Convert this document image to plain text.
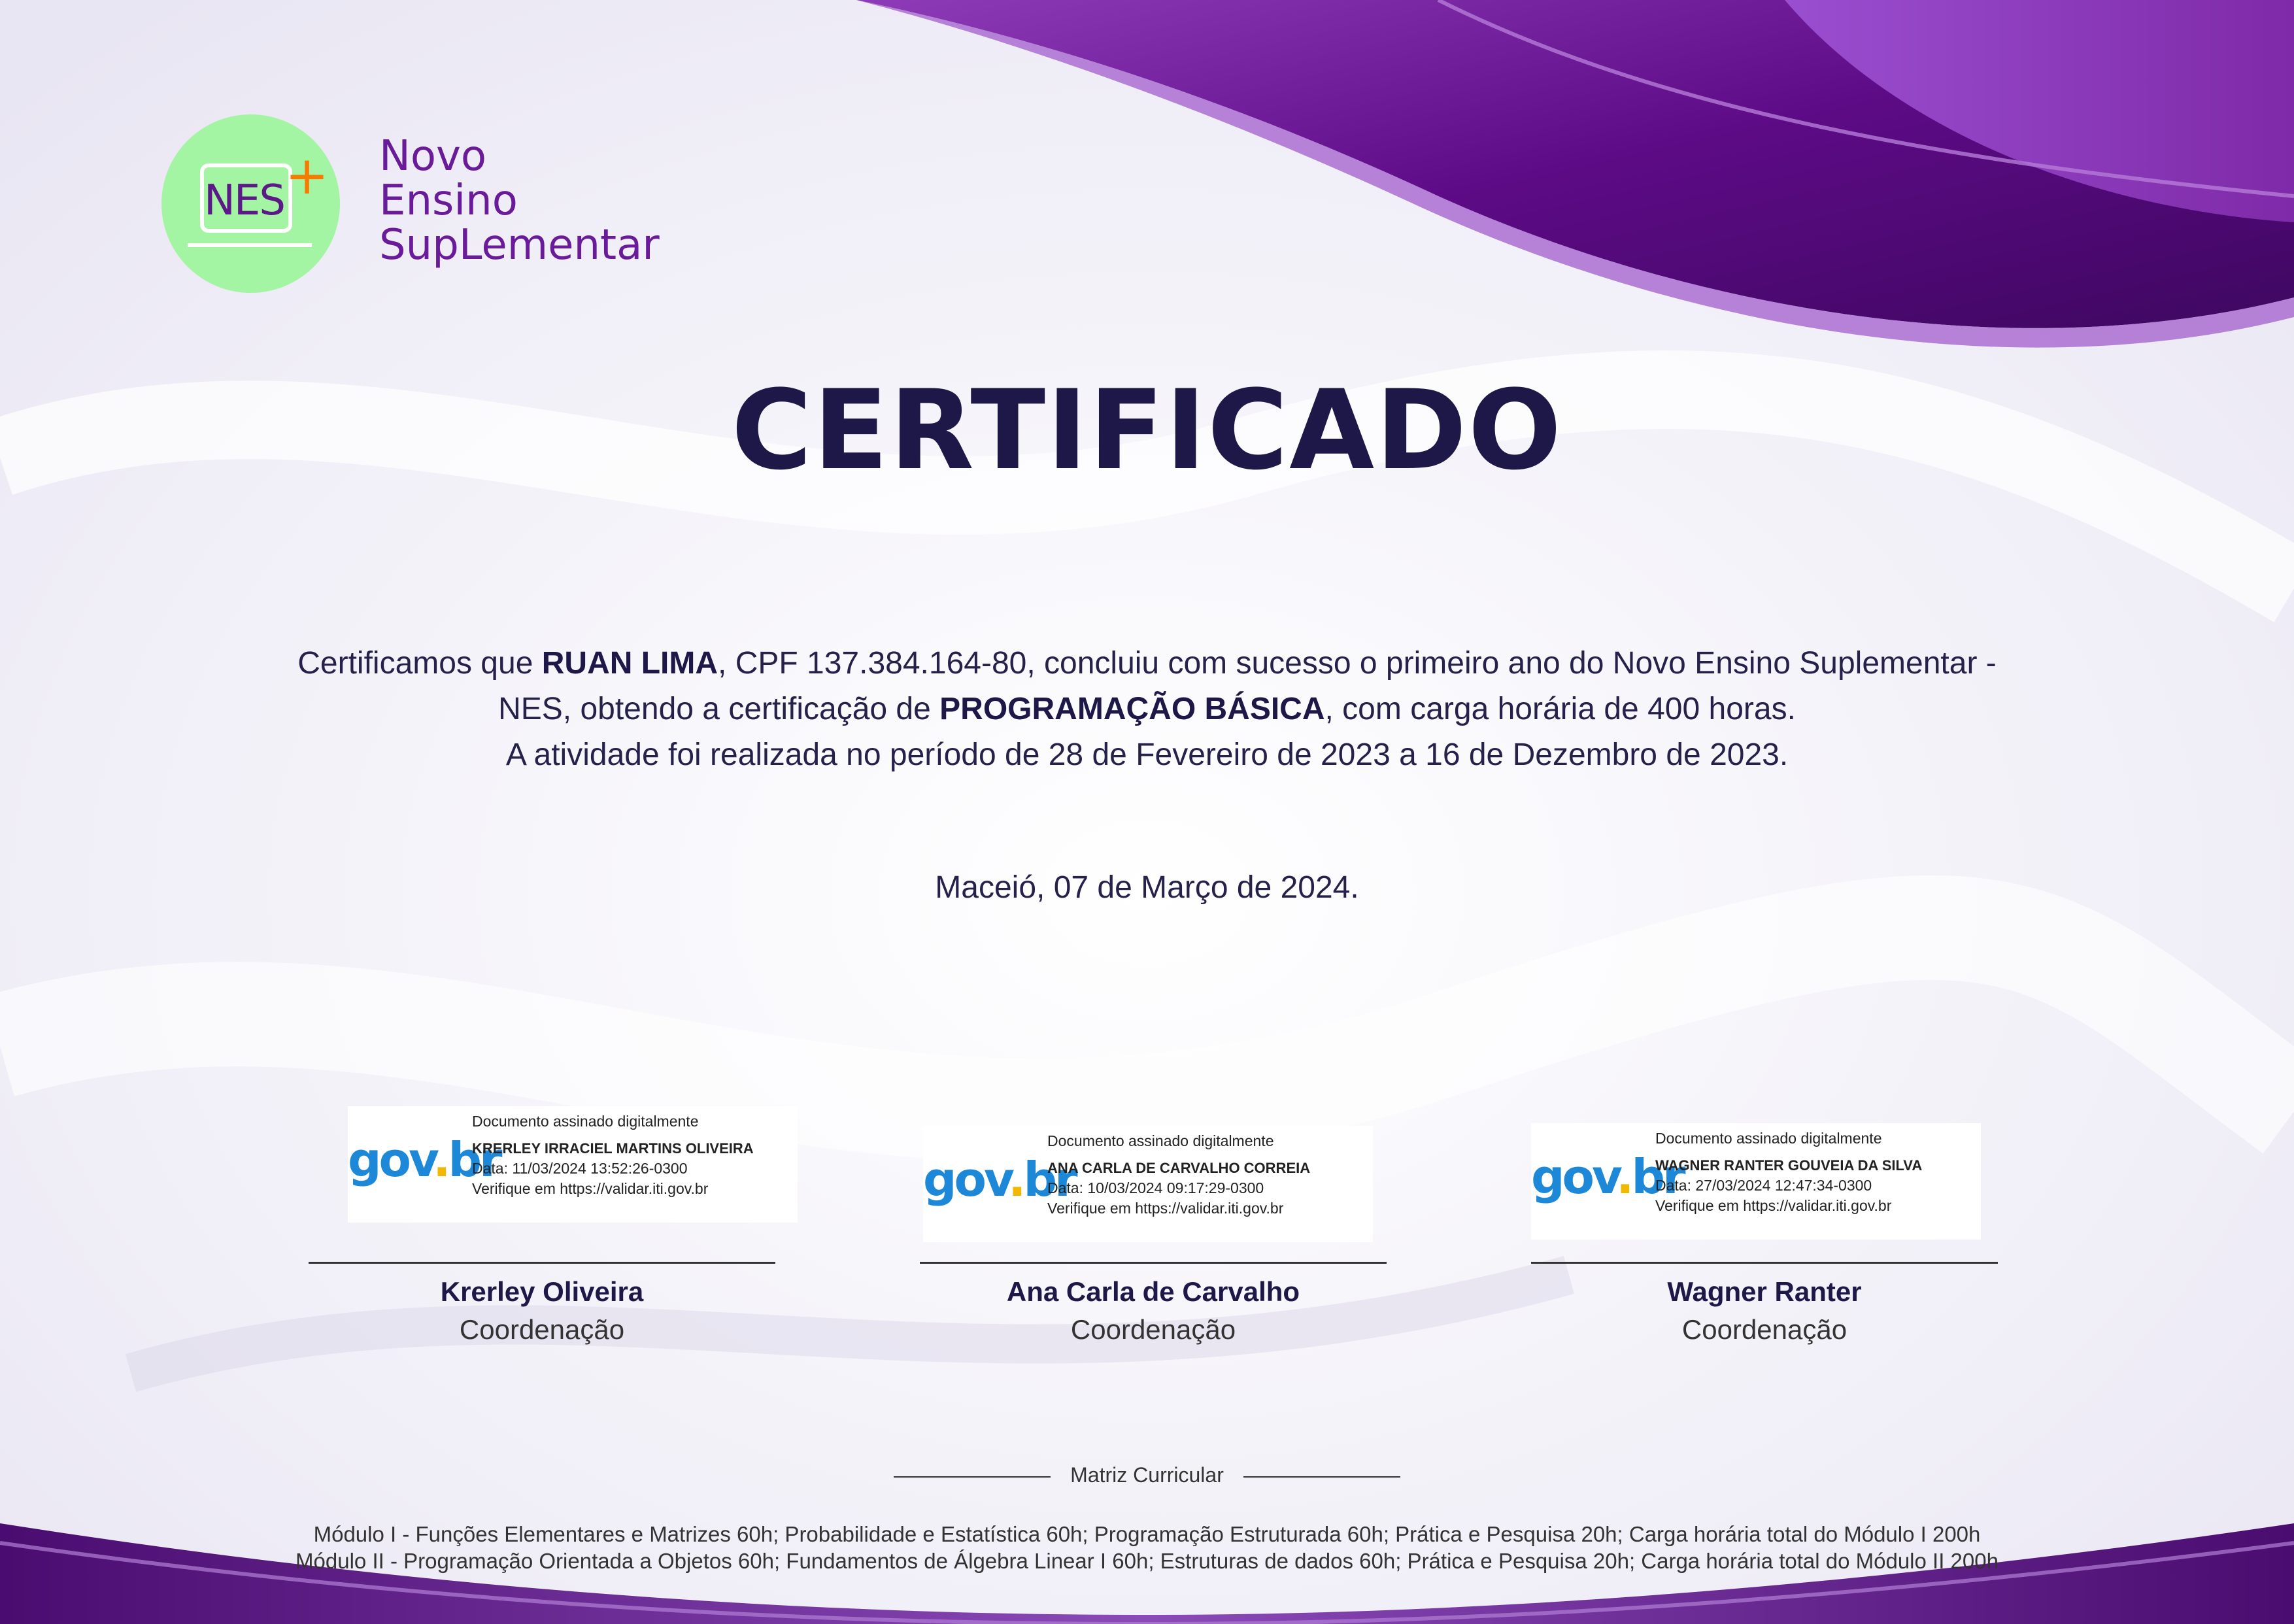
NES + Novo
Ensino
SupLementar
CERTIFICADO
Certificamos que RUAN LIMA, CPF 137.384.164-80, concluiu com sucesso o primeiro ano do Novo Ensino Suplementar -
NES, obtendo a certificação de PROGRAMAÇÃO BÁSICA, com carga horária de 400 horas.
A atividade foi realizada no período de 28 de Fevereiro de 2023 a 16 de Dezembro de 2023.
Maceió, 07 de Março de 2024.
gov.br
Documento assinado digitalmente
KRERLEY IRRACIEL MARTINS OLIVEIRA
Data: 11/03/2024 13:52:26-0300
Verifique em https://validar.iti.gov.br
Krerley Oliveira
Coordenação
gov.br
Documento assinado digitalmente
ANA CARLA DE CARVALHO CORREIA
Data: 10/03/2024 09:17:29-0300
Verifique em https://validar.iti.gov.br
Ana Carla de Carvalho
Coordenação
gov.br
Documento assinado digitalmente
WAGNER RANTER GOUVEIA DA SILVA
Data: 27/03/2024 12:47:34-0300
Verifique em https://validar.iti.gov.br
Wagner Ranter
Coordenação
Matriz Curricular
Módulo I - Funções Elementares e Matrizes 60h; Probabilidade e Estatística 60h; Programação Estruturada 60h; Prática e Pesquisa 20h; Carga horária total do Módulo I 200h
Módulo II - Programação Orientada a Objetos 60h; Fundamentos de Álgebra Linear I 60h; Estruturas de dados 60h; Prática e Pesquisa 20h; Carga horária total do Módulo II 200h
